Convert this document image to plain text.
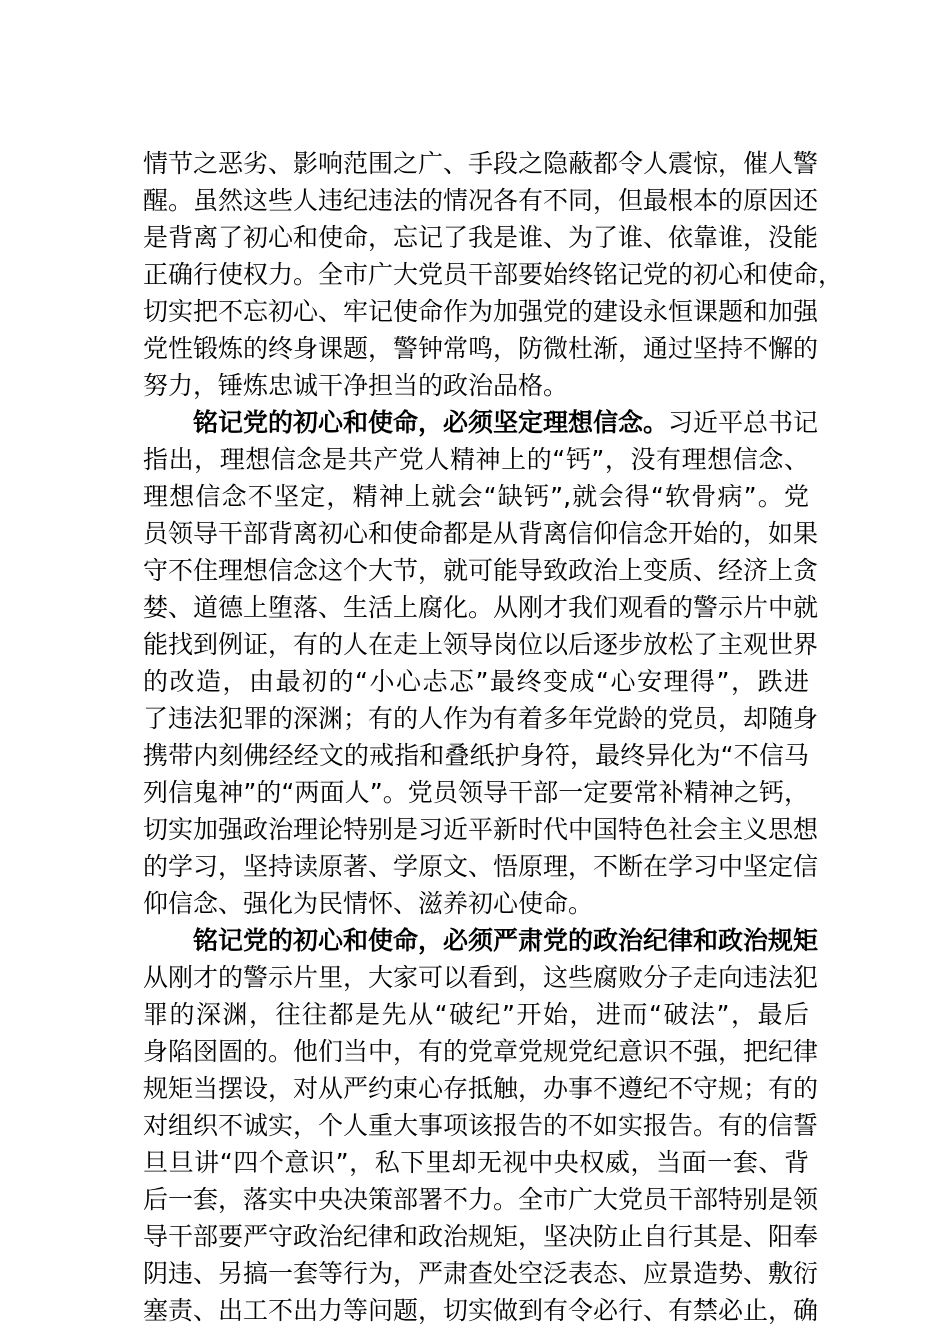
情节之恶劣、影响范围之广、手段之隐蔽都令人震惊，催人警
醒。虽然这些人违纪违法的情况各有不同，但最根本的原因还
是背离了初心和使命，忘记了我是谁、为了谁、依靠谁，没能
正确行使权力。全市广大党员干部要始终铭记党的初心和使命，
切实把不忘初心、牢记使命作为加强党的建设永恒课题和加强
党性锻炼的终身课题，警钟常鸣，防微杜渐，通过坚持不懈的
努力，锤炼忠诚干净担当的政治品格。
铭记党的初心和使命，必须坚定理想信念。习近平总书记
指出，理想信念是共产党人精神上的“钙”，没有理想信念、
理想信念不坚定，精神上就会“缺钙”,就会得“软骨病”。党
员领导干部背离初心和使命都是从背离信仰信念开始的，如果
守不住理想信念这个大节，就可能导致政治上变质、经济上贪
婪、道德上堕落、生活上腐化。从刚才我们观看的警示片中就
能找到例证，有的人在走上领导岗位以后逐步放松了主观世界
的改造，由最初的“小心忐忑”最终变成“心安理得”，跌进
了违法犯罪的深渊；有的人作为有着多年党龄的党员，却随身
携带内刻佛经经文的戒指和叠纸护身符，最终异化为“不信马
列信鬼神”的“两面人”。党员领导干部一定要常补精神之钙，
切实加强政治理论特别是习近平新时代中国特色社会主义思想
的学习，坚持读原著、学原文、悟原理，不断在学习中坚定信
仰信念、强化为民情怀、滋养初心使命。
铭记党的初心和使命，必须严肃党的政治纪律和政治规矩
从刚才的警示片里，大家可以看到，这些腐败分子走向违法犯
罪的深渊，往往都是先从“破纪”开始，进而“破法”，最后
身陷囹圄的。他们当中，有的党章党规党纪意识不强，把纪律
规矩当摆设，对从严约束心存抵触，办事不遵纪不守规；有的
对组织不诚实，个人重大事项该报告的不如实报告。有的信誓
旦旦讲“四个意识”，私下里却无视中央权威，当面一套、背
后一套，落实中央决策部署不力。全市广大党员干部特别是领
导干部要严守政治纪律和政治规矩，坚决防止自行其是、阳奉
阴违、另搞一套等行为，严肃查处空泛表态、应景造势、敷衍
塞责、出工不出力等问题，切实做到有令必行、有禁必止，确
